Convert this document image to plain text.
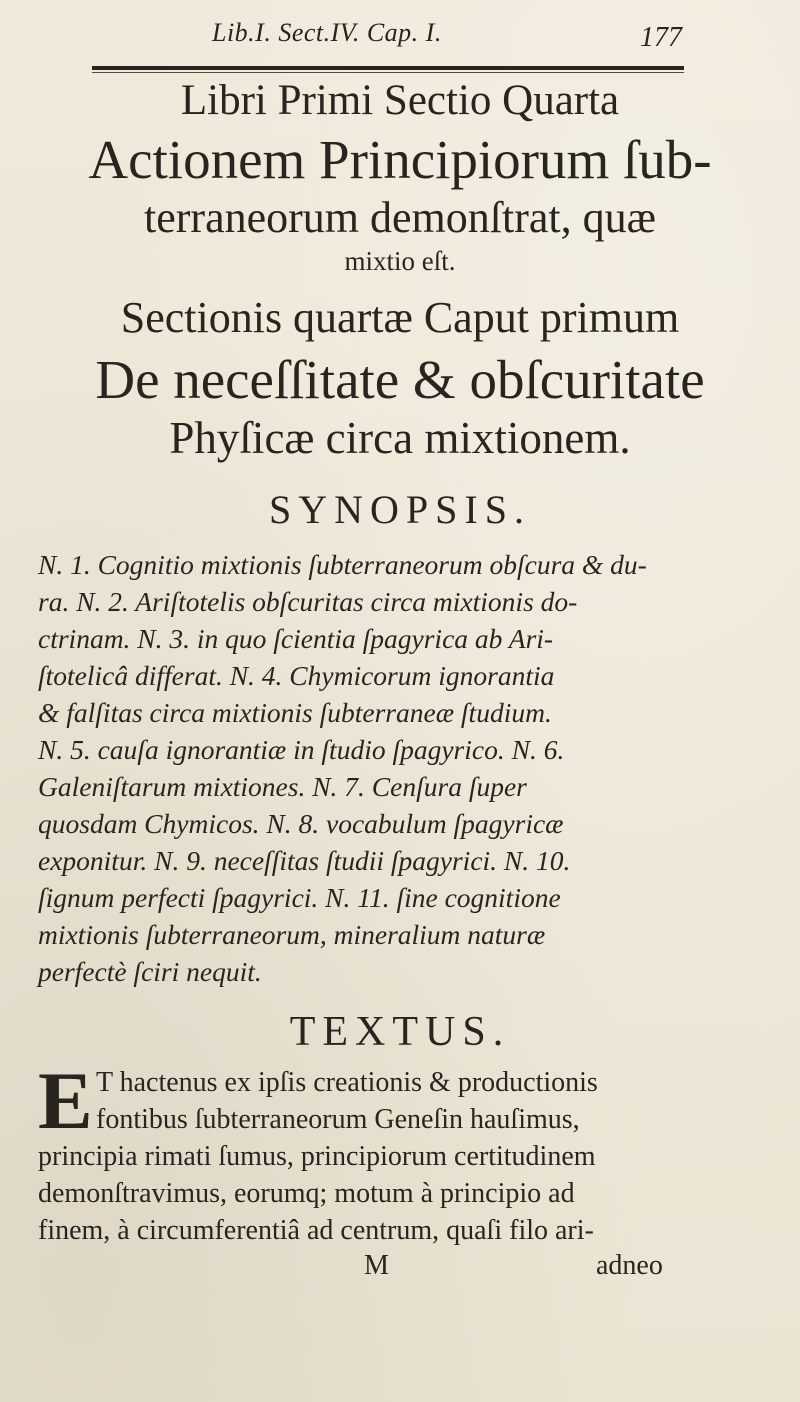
Lib.I. Sect.IV. Cap. I.	177
Libri Primi Sectio Quarta
Actionem Principiorum ſub-
terraneorum demonſtrat, quæ
mixtio eſt.
Sectionis quartæ Caput primum
De neceſſitate & obſcuritate
Phyſicæ circa mixtionem.
SYNOPSIS.
N. 1. Cognitio mixtionis ſubterraneorum obſcura & du-
ra. N. 2. Ariſtotelis obſcuritas circa mixtionis do-
ctrinam. N. 3. in quo ſcientia ſpagyrica ab Ari-
ſtotelicâ differat. N. 4. Chymicorum ignorantia
& falſitas circa mixtionis ſubterraneæ ſtudium.
N. 5. cauſa ignorantiæ in ſtudio ſpagyrico. N. 6.
Galeniſtarum mixtiones. N. 7. Cenſura ſuper
quosdam Chymicos. N. 8. vocabulum ſpagyricæ
exponitur. N. 9. neceſſitas ſtudii ſpagyrici. N. 10.
ſignum perfecti ſpagyrici. N. 11. ſine cognitione
mixtionis ſubterraneorum, mineralium naturæ
perfectè ſciri nequit.
TEXTUS.
E T hactenus ex ipſis creationis & productionis
fontibus ſubterraneorum Geneſin hauſimus,
principia rimati ſumus, principiorum certitudinem
demonſtravimus, eorumq; motum à principio ad
finem, à circumferentiâ ad centrum, quaſi filo ari-
M	adneo
